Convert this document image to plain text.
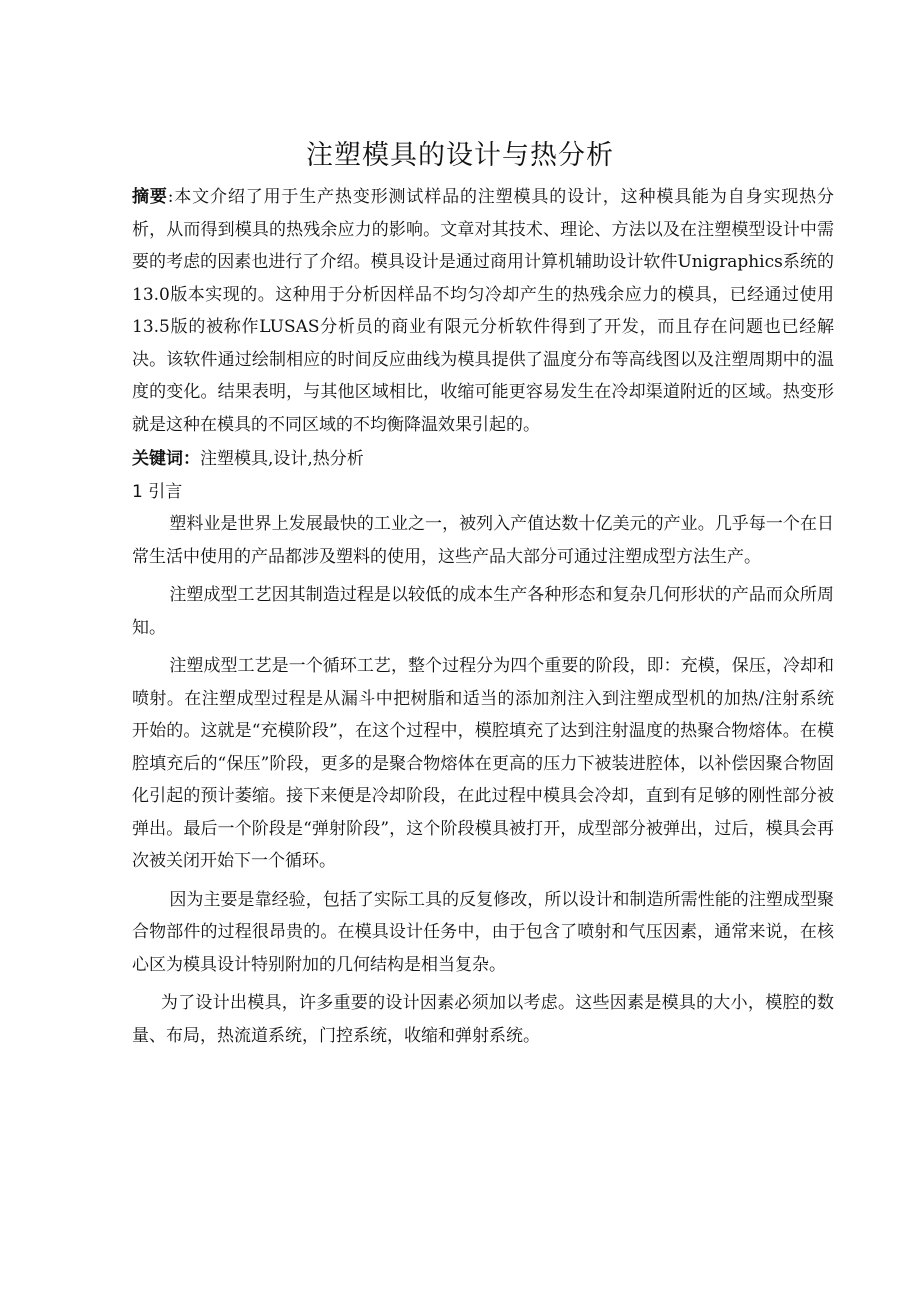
注塑模具的设计与热分析

摘要:本文介绍了用于生产热变形测试样品的注塑模具的设计，这种模具能为自身实现热分析，从而得到模具的热残余应力的影响。文章对其技术、理论、方法以及在注塑模型设计中需要的考虑的因素也进行了介绍。模具设计是通过商用计算机辅助设计软件Unigraphics系统的13.0版本实现的。这种用于分析因样品不均匀冷却产生的热残余应力的模具，已经通过使用13.5版的被称作LUSAS分析员的商业有限元分析软件得到了开发，而且存在问题也已经解决。该软件通过绘制相应的时间反应曲线为模具提供了温度分布等高线图以及注塑周期中的温度的变化。结果表明，与其他区域相比，收缩可能更容易发生在冷却渠道附近的区域。热变形就是这种在模具的不同区域的不均衡降温效果引起的。

关键词：注塑模具,设计,热分析

1 引言

塑料业是世界上发展最快的工业之一，被列入产值达数十亿美元的产业。几乎每一个在日常生活中使用的产品都涉及塑料的使用，这些产品大部分可通过注塑成型方法生产。

注塑成型工艺因其制造过程是以较低的成本生产各种形态和复杂几何形状的产品而众所周知。

注塑成型工艺是一个循环工艺，整个过程分为四个重要的阶段，即：充模，保压，冷却和喷射。在注塑成型过程是从漏斗中把树脂和适当的添加剂注入到注塑成型机的加热/注射系统开始的。这就是“充模阶段”，在这个过程中，模腔填充了达到注射温度的热聚合物熔体。在模腔填充后的“保压”阶段，更多的是聚合物熔体在更高的压力下被装进腔体，以补偿因聚合物固化引起的预计萎缩。接下来便是冷却阶段，在此过程中模具会冷却，直到有足够的刚性部分被弹出。最后一个阶段是“弹射阶段”，这个阶段模具被打开，成型部分被弹出，过后，模具会再次被关闭开始下一个循环。

因为主要是靠经验，包括了实际工具的反复修改，所以设计和制造所需性能的注塑成型聚合物部件的过程很昂贵的。在模具设计任务中，由于包含了喷射和气压因素，通常来说，在核心区为模具设计特别附加的几何结构是相当复杂。

为了设计出模具，许多重要的设计因素必须加以考虑。这些因素是模具的大小，模腔的数量、布局，热流道系统，门控系统，收缩和弹射系统。
